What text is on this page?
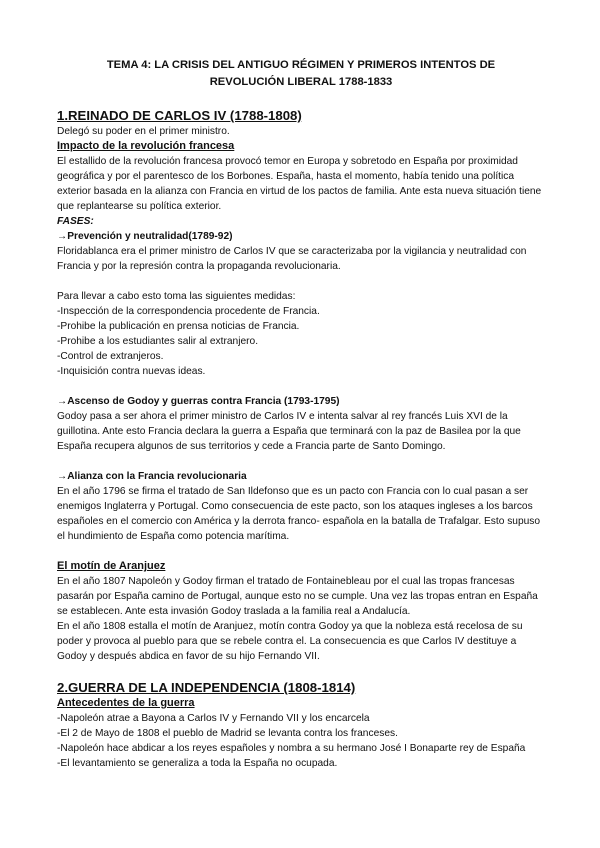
TEMA 4: LA CRISIS DEL ANTIGUO RÉGIMEN Y PRIMEROS INTENTOS DE
REVOLUCIÓN LIBERAL 1788-1833
1.REINADO DE CARLOS IV (1788-1808)

Delegó su poder en el primer ministro.

Impacto de la revolución francesa

El estallido de la revolución francesa provocó temor en Europa y sobretodo en España por proximidad geográfica y por el parentesco de los Borbones. España, hasta el momento, había tenido una política exterior basada en la alianza con Francia en virtud de los pactos de familia. Ante esta nueva situación tiene que replantearse su política exterior.

FASES:
→Prevención y neutralidad(1789-92)

Floridablanca era el primer ministro de Carlos IV que se caracterizaba por la vigilancia y neutralidad con Francia y por la represión contra la propaganda revolucionaria.

Para llevar a cabo esto toma las siguientes medidas:

-Inspección de la correspondencia procedente de Francia.

-Prohibe la publicación en prensa noticias de Francia.

-Prohibe a los estudiantes salir al extranjero.

-Control de extranjeros.

-Inquisición contra nuevas ideas.

→Ascenso de Godoy y guerras contra Francia (1793-1795)

Godoy pasa a ser ahora el primer ministro de Carlos IV e intenta salvar al rey francés Luis XVI de la guillotina. Ante esto Francia declara la guerra a España que terminará con la paz de Basilea por la que España recupera algunos de sus territorios y cede a Francia parte de Santo Domingo.

→Alianza con la Francia revolucionaria

En el año 1796 se firma el tratado de San Ildefonso que es un pacto con Francia con lo cual pasan a ser enemigos Inglaterra y Portugal. Como consecuencia de este pacto, son los ataques ingleses a los barcos españoles en el comercio con América y la derrota franco- española en la batalla de Trafalgar. Esto supuso el hundimiento de España como potencia marítima.

El motín de Aranjuez

En el año 1807 Napoleón y Godoy firman el tratado de Fontainebleau por el cual las tropas francesas pasarán por España camino de Portugal, aunque esto no se cumple. Una vez las tropas entran en España se establecen. Ante esta invasión Godoy traslada a la familia real a Andalucía.

En el año 1808 estalla el motín de Aranjuez, motín contra Godoy ya que la nobleza está recelosa de su poder y provoca al pueblo para que se rebele contra el. La consecuencia es que Carlos IV destituye a Godoy y después abdica en favor de su hijo Fernando VII.

2.GUERRA DE LA INDEPENDENCIA (1808-1814)
Antecedentes de la guerra

-Napoleón atrae a Bayona a Carlos IV y Fernando VII y los encarcela

-El 2 de Mayo de 1808 el pueblo de Madrid se levanta contra los franceses.

-Napoleón hace abdicar a los reyes españoles y nombra a su hermano José I Bonaparte rey de España

-El levantamiento se generaliza a toda la España no ocupada.
